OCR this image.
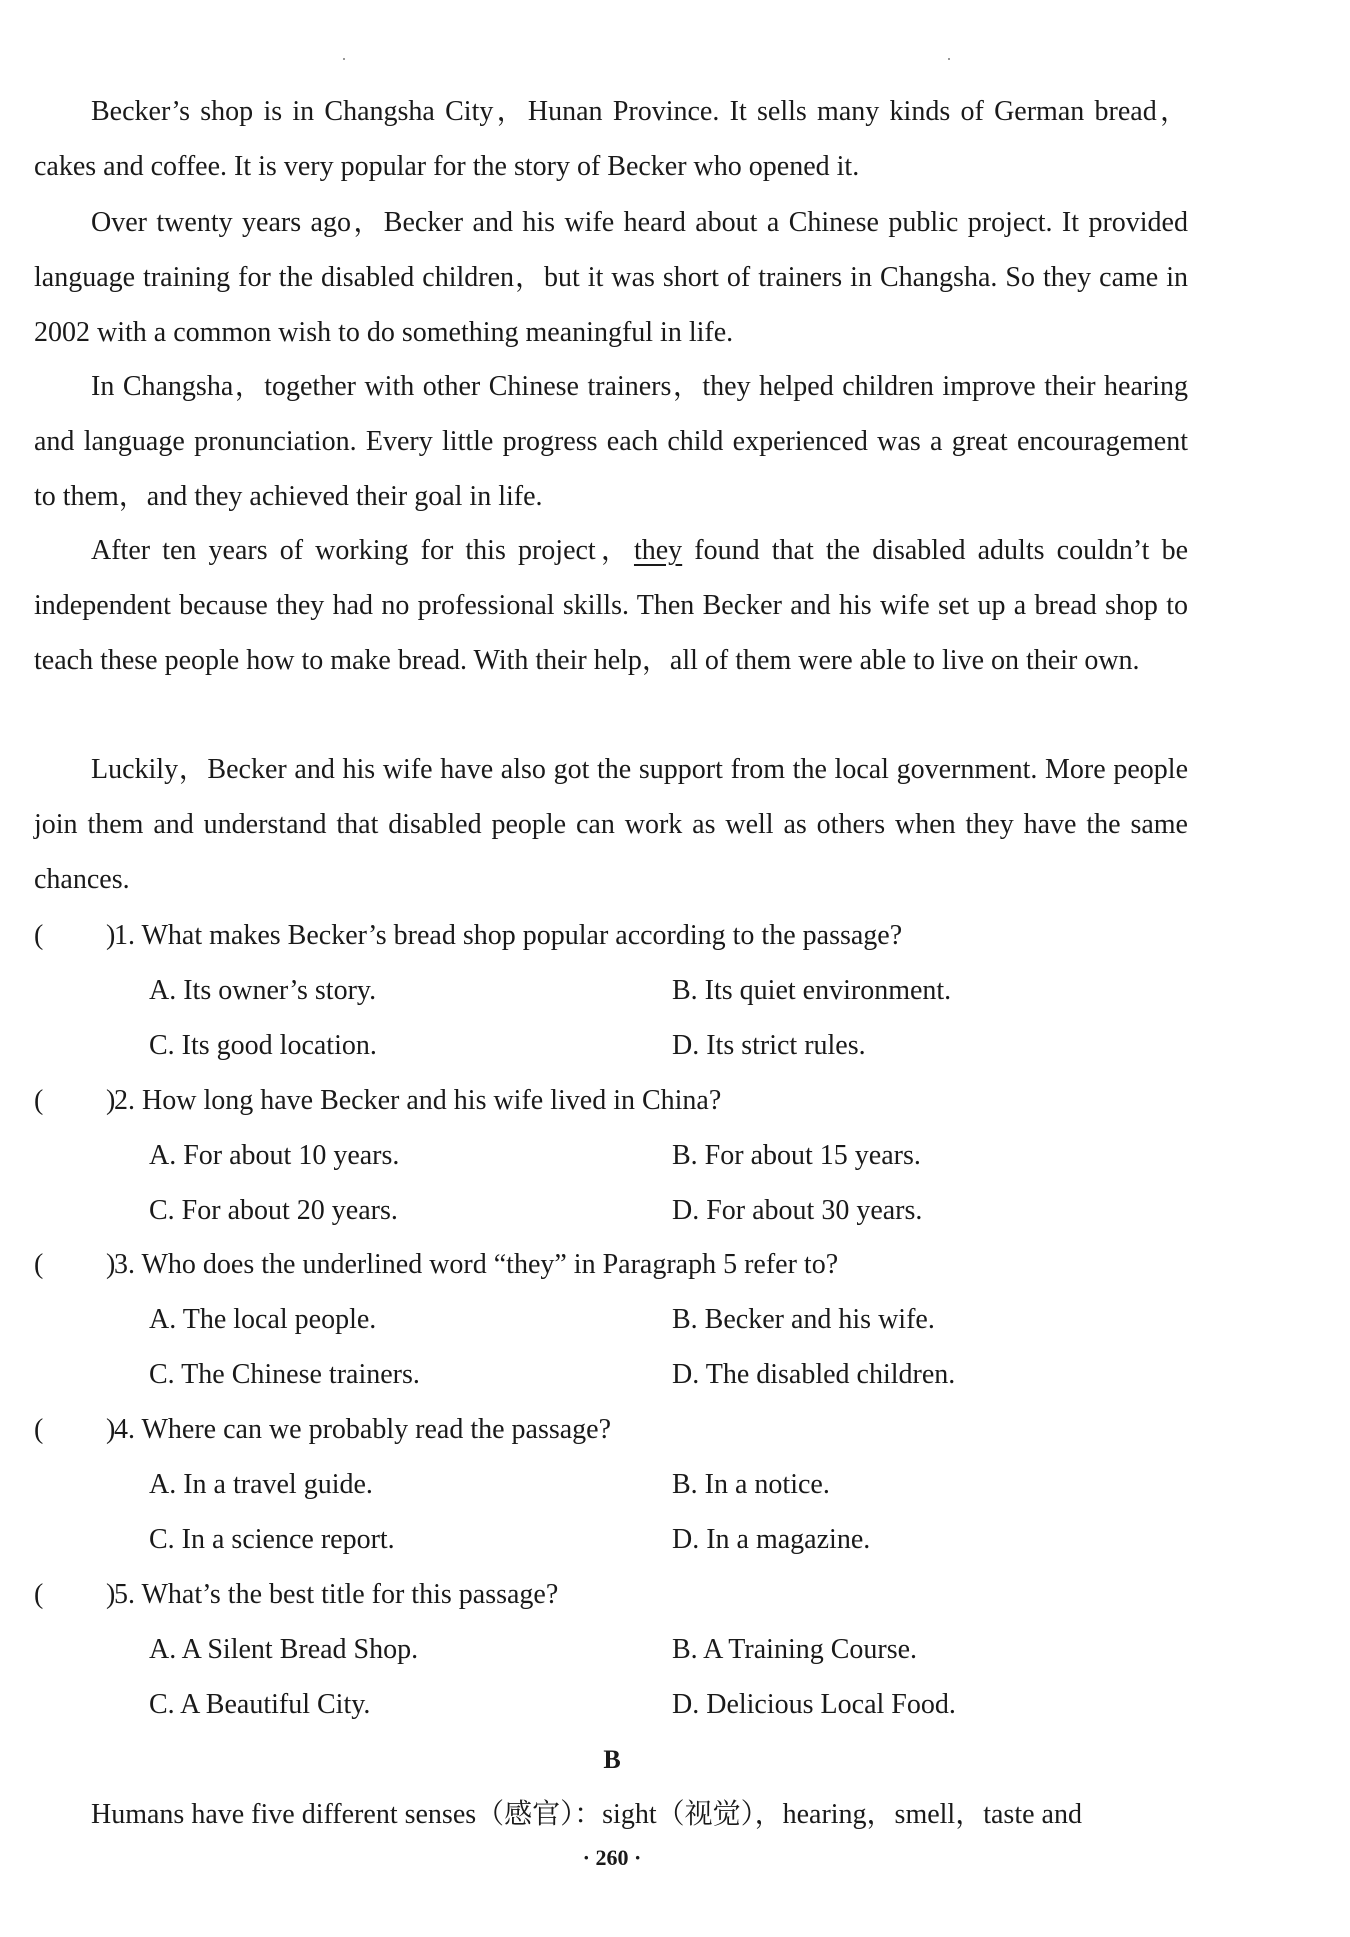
Becker’s shop is in Changsha City，Hunan Province. It sells many kinds of German bread，cakes and coffee. It is very popular for the story of Becker who opened it.

Over twenty years ago，Becker and his wife heard about a Chinese public project. It provided language training for the disabled children，but it was short of trainers in Changsha. So they came in 2002 with a common wish to do something meaningful in life.

In Changsha，together with other Chinese trainers，they helped children improve their hearing and language pronunciation. Every little progress each child experienced was a great encouragement to them，and they achieved their goal in life.

After ten years of working for this project，they found that the disabled adults couldn’t be independent because they had no professional skills. Then Becker and his wife set up a bread shop to teach these people how to make bread. With their help，all of them were able to live on their own.

Luckily，Becker and his wife have also got the support from the local government. More people join them and understand that disabled people can work as well as others when they have the same chances.

( )
1. What makes Becker’s bread shop popular according to the passage?
A. Its owner’s story.	B. Its quiet environment.
C. Its good location.	D. Its strict rules.
( )
2. How long have Becker and his wife lived in China?
A. For about 10 years.	B. For about 15 years.
C. For about 20 years.	D. For about 30 years.
( )
3. Who does the underlined word “they” in Paragraph 5 refer to?
A. The local people.	B. Becker and his wife.
C. The Chinese trainers.	D. The disabled children.
( )
4. Where can we probably read the passage?
A. In a travel guide.	B. In a notice.
C. In a science report.	D. In a magazine.
( )
5. What’s the best title for this passage?
A. A Silent Bread Shop.	B. A Training Course.
C. A Beautiful City.	D. Delicious Local Food.
B
Humans have five different senses（感官）：sight（视觉），hearing，smell，taste and
· 260 ·
